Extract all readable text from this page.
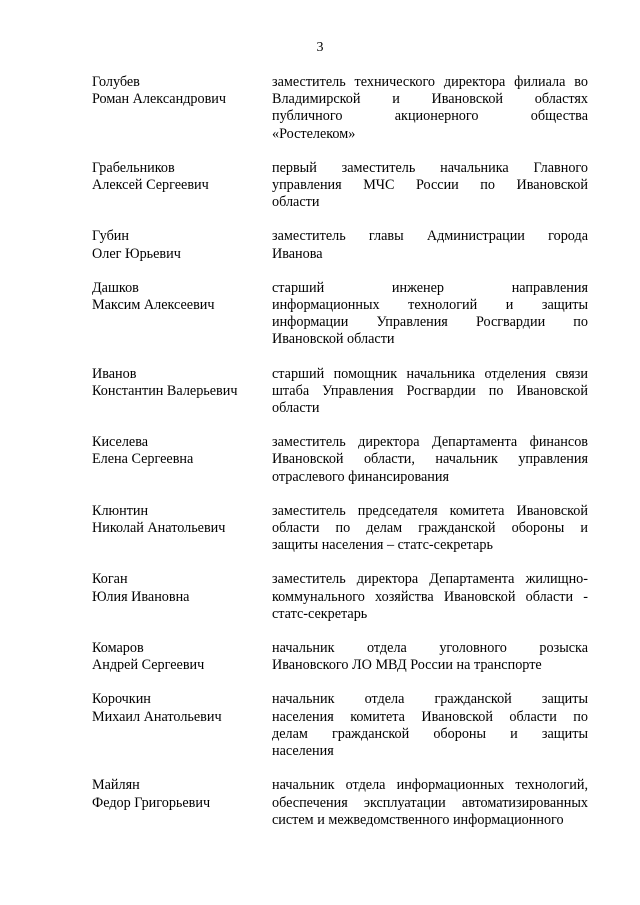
3
Голубев
Роман Александрович
заместитель технического директора филиала во
Владимирской и Ивановской областях
публичного акционерного общества
«Ростелеком»
Грабельников
Алексей Сергеевич
первый заместитель начальника Главного
управления МЧС России по Ивановской
области
Губин
Олег Юрьевич
заместитель главы Администрации города
Иванова
Дашков
Максим Алексеевич
старший инженер направления
информационных технологий и защиты
информации Управления Росгвардии по
Ивановской области
Иванов
Константин Валерьевич
старший помощник начальника отделения связи
штаба Управления Росгвардии по Ивановской
области
Киселева
Елена Сергеевна
заместитель директора Департамента финансов
Ивановской области, начальник управления
отраслевого финансирования
Клюнтин
Николай Анатольевич
заместитель председателя комитета Ивановской
области по делам гражданской обороны и
защиты населения – статс-секретарь
Коган
Юлия Ивановна
заместитель директора Департамента жилищно-
коммунального хозяйства Ивановской области -
статс-секретарь
Комаров
Андрей Сергеевич
начальник отдела уголовного розыска
Ивановского ЛО МВД России на транспорте
Корочкин
Михаил Анатольевич
начальник отдела гражданской защиты
населения комитета Ивановской области по
делам гражданской обороны и защиты
населения
Майлян
Федор Григорьевич
начальник отдела информационных технологий,
обеспечения эксплуатации автоматизированных
систем и межведомственного информационного
